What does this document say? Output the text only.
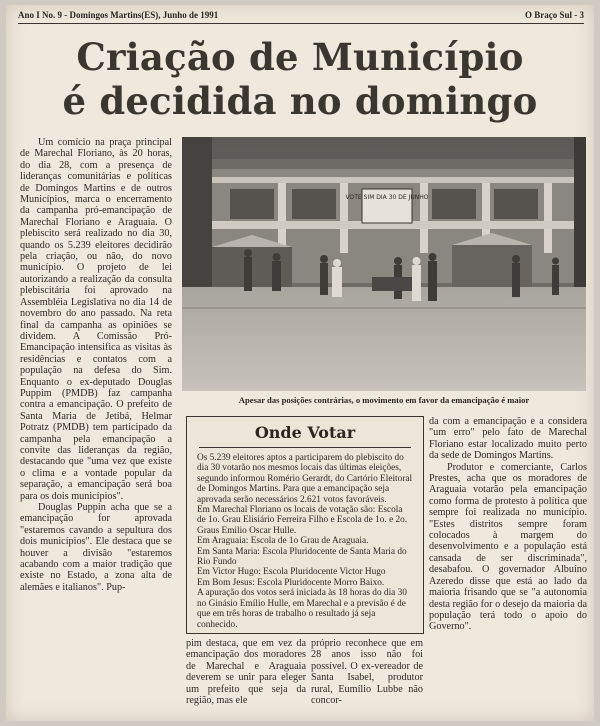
Ano I No. 9 - Domingos Martins(ES), Junho de 1991	O Braço Sul - 3
Criação de Município
é decidida no domingo

Um comício na praça principal de Marechal Floriano, às 20 horas, do dia 28, com a presença de lideranças comunitárias e políticas de Domingos Martins e de outros Municípios, marca o encerramento da campanha pró-emancipação de Marechal Floriano e Araguaia. O plebiscito será realizado no dia 30, quando os 5.239 eleitores decidirão pela criação, ou não, do novo município. O projeto de lei autorizando a realização da consulta plebiscitária foi aprovado na Assembléia Legislativa no dia 14 de novembro do ano passado. Na reta final da campanha as opiniões se dividem. A Comissão Pró-Emancipação intensifica as visitas às residências e contatos com a população na defesa do Sim. Enquanto o ex-deputado Douglas Puppim (PMDB) faz campanha contra a emancipação. O prefeito de Santa Maria de Jetibá, Helmar Potratz (PMDB) tem participado da campanha pela emancipação a convite das lideranças da região, destacando que "uma vez que existe o clima e a vontade popular da separação, a emancipação será boa para os dois municípios".

Douglas Puppin acha que se a emancipação for aprovada "estaremos cavando a sepultura dos dois municípios". Ele destaca que se houver a divisão "estaremos acabando com a maior tradição que existe no Estado, a zona alta de alemães e italianos". Pup-

VOTE SIM DIA 30 DE JUNHO
Apesar das posições contrárias, o movimento em favor da emancipação é maior
Onde Votar
Os 5.239 eleitores aptos a participarem do plebiscito do dia 30 votarão nos mesmos locais das últimas eleições, segundo informou Romério Gerardt, do Cartório Eleitoral de Domingos Martins. Para que a emancipação seja aprovada serão necessários 2.621 votos favoráveis.
Em Marechal Floriano os locais de votação são: Escola de 1o. Grau Elisiário Ferreira Filho e Escola de 1o. e 2o. Graus Emilio Oscar Hulle.
Em Araguaia: Escola de 1o Grau de Araguaia.
Em Santa Maria: Escola Pluridocente de Santa Maria do Rio Fundo
Em Victor Hugo: Escola Pluridocente Victor Hugo
Em Bom Jesus: Escola Pluridocente Morro Baixo.
A apuração dos votos será iniciada às 18 horas do dia 30 no Ginásio Emílio Hulle, em Marechal e a previsão é de que em três horas de trabalho o resultado já seja conhecido.
pim destaca, que em vez da emancipação dos moradores de Marechal e Araguaia deverem se unir para eleger um prefeito que seja da região, mas ele
próprio reconhece que em 28 anos isso não foi possível. O ex-vereador de Santa Isabel, produtor rural, Eumílio Lubbe não concor-
da com a emancipação e a considera "um erro" pelo fato de Marechal Floriano estar localizado muito perto da sede de Domingos Martins.

Produtor e comerciante, Carlos Prestes, acha que os moradores de Araguaia votarão pela emancipação como forma de protesto à política que sempre foi realizada no município. "Estes distritos sempre foram colocados à margem do desenvolvimento e a população está cansada de ser discriminada", desabafou. O governador Albuíno Azeredo disse que está ao lado da maioria frisando que se "a autonomia desta região for o desejo da maioria da população terá todo o apoio do Governo".
